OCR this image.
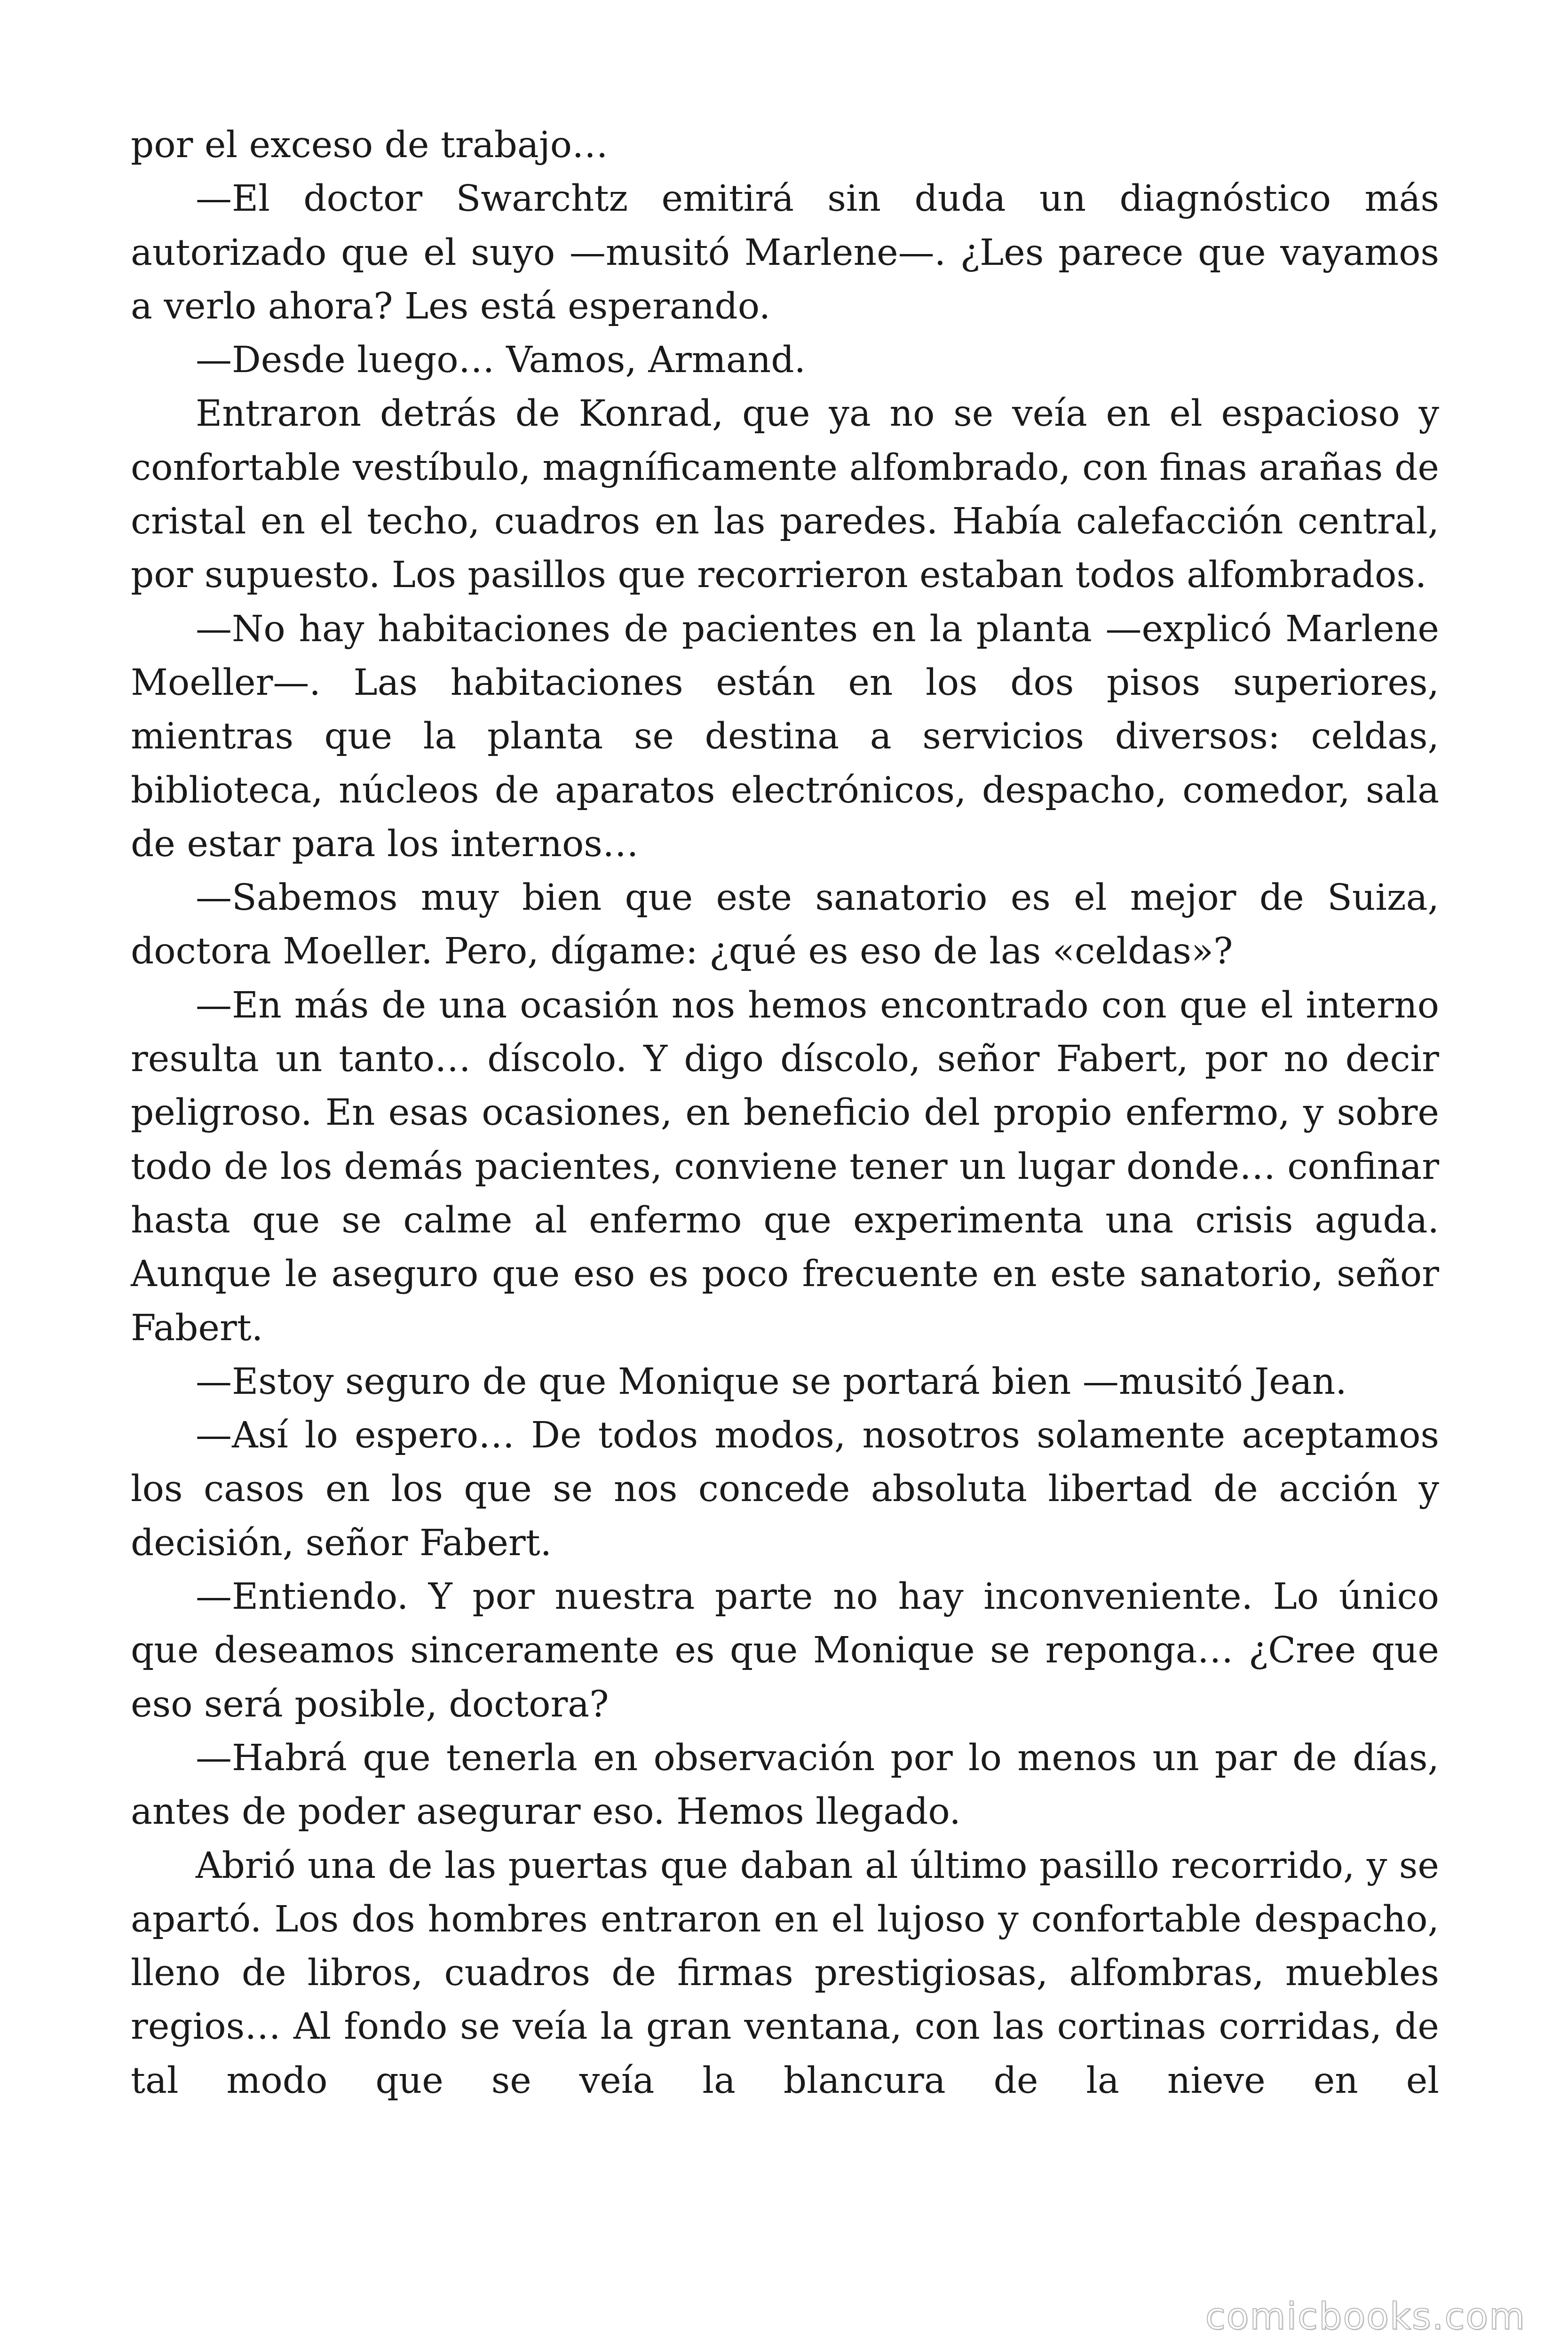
por el exceso de trabajo…

—El doctor Swarchtz emitirá sin duda un diagnóstico más autorizado que el suyo —musitó Marlene—. ¿Les parece que vayamos a verlo ahora? Les está esperando.

—Desde luego… Vamos, Armand.

Entraron detrás de Konrad, que ya no se veía en el espacioso y confortable vestíbulo, magníficamente alfombrado, con finas arañas de cristal en el techo, cuadros en las paredes. Había calefacción central, por supuesto. Los pasillos que recorrieron estaban todos alfombrados.

—No hay habitaciones de pacientes en la planta —explicó Marlene Moeller—. Las habitaciones están en los dos pisos superiores, mientras que la planta se destina a servicios diversos: celdas, biblioteca, núcleos de aparatos electrónicos, despacho, comedor, sala de estar para los internos…

—Sabemos muy bien que este sanatorio es el mejor de Suiza, doctora Moeller. Pero, dígame: ¿qué es eso de las «celdas»?

—En más de una ocasión nos hemos encontrado con que el interno resulta un tanto… díscolo. Y digo díscolo, señor Fabert, por no decir peligroso. En esas ocasiones, en beneficio del propio enfermo, y sobre todo de los demás pacientes, conviene tener un lugar donde… confinar hasta que se calme al enfermo que experimenta una crisis aguda. Aunque le aseguro que eso es poco frecuente en este sanatorio, señor Fabert.

—Estoy seguro de que Monique se portará bien —musitó Jean.

—Así lo espero… De todos modos, nosotros solamente aceptamos los casos en los que se nos concede absoluta libertad de acción y decisión, señor Fabert.

—Entiendo. Y por nuestra parte no hay inconveniente. Lo único que deseamos sinceramente es que Monique se reponga… ¿Cree que eso será posible, doctora?

—Habrá que tenerla en observación por lo menos un par de días, antes de poder asegurar eso. Hemos llegado.

Abrió una de las puertas que daban al último pasillo recorrido, y se apartó. Los dos hombres entraron en el lujoso y confortable despacho, lleno de libros, cuadros de firmas prestigiosas, alfombras, muebles regios… Al fondo se veía la gran ventana, con las cortinas corridas, de tal modo que se veía la blancura de la nieve en el

comicbooks.com
